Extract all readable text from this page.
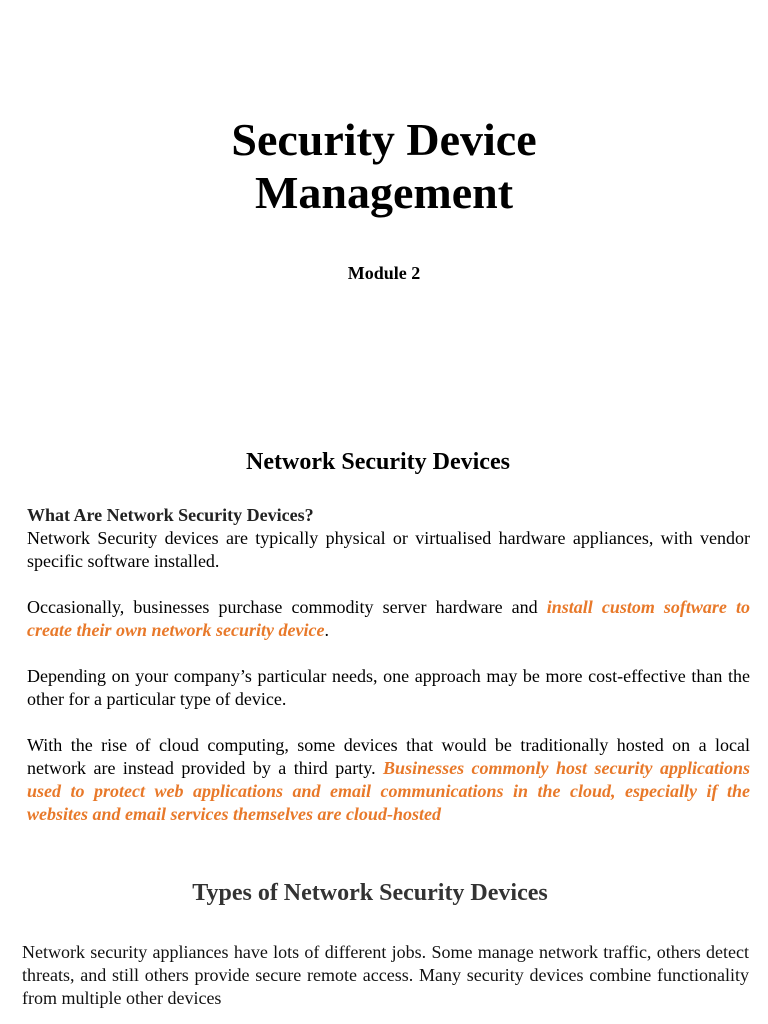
Security Device
Management

Module 2

Network Security Devices
What Are Network Security Devices?
Network Security devices are typically physical or virtualised hardware appliances, with vendor specific software installed.

Occasionally, businesses purchase commodity server hardware and install custom software to create their own network security device.

Depending on your company’s particular needs, one approach may be more cost-effective than the other for a particular type of device.

With the rise of cloud computing, some devices that would be traditionally hosted on a local network are instead provided by a third party. Businesses commonly host security applications used to protect web applications and email communications in the cloud, especially if the websites and email services themselves are cloud-hosted

Types of Network Security Devices

Network security appliances have lots of different jobs. Some manage network traffic, others detect threats, and still others provide secure remote access. Many security devices combine functionality from multiple other devices
